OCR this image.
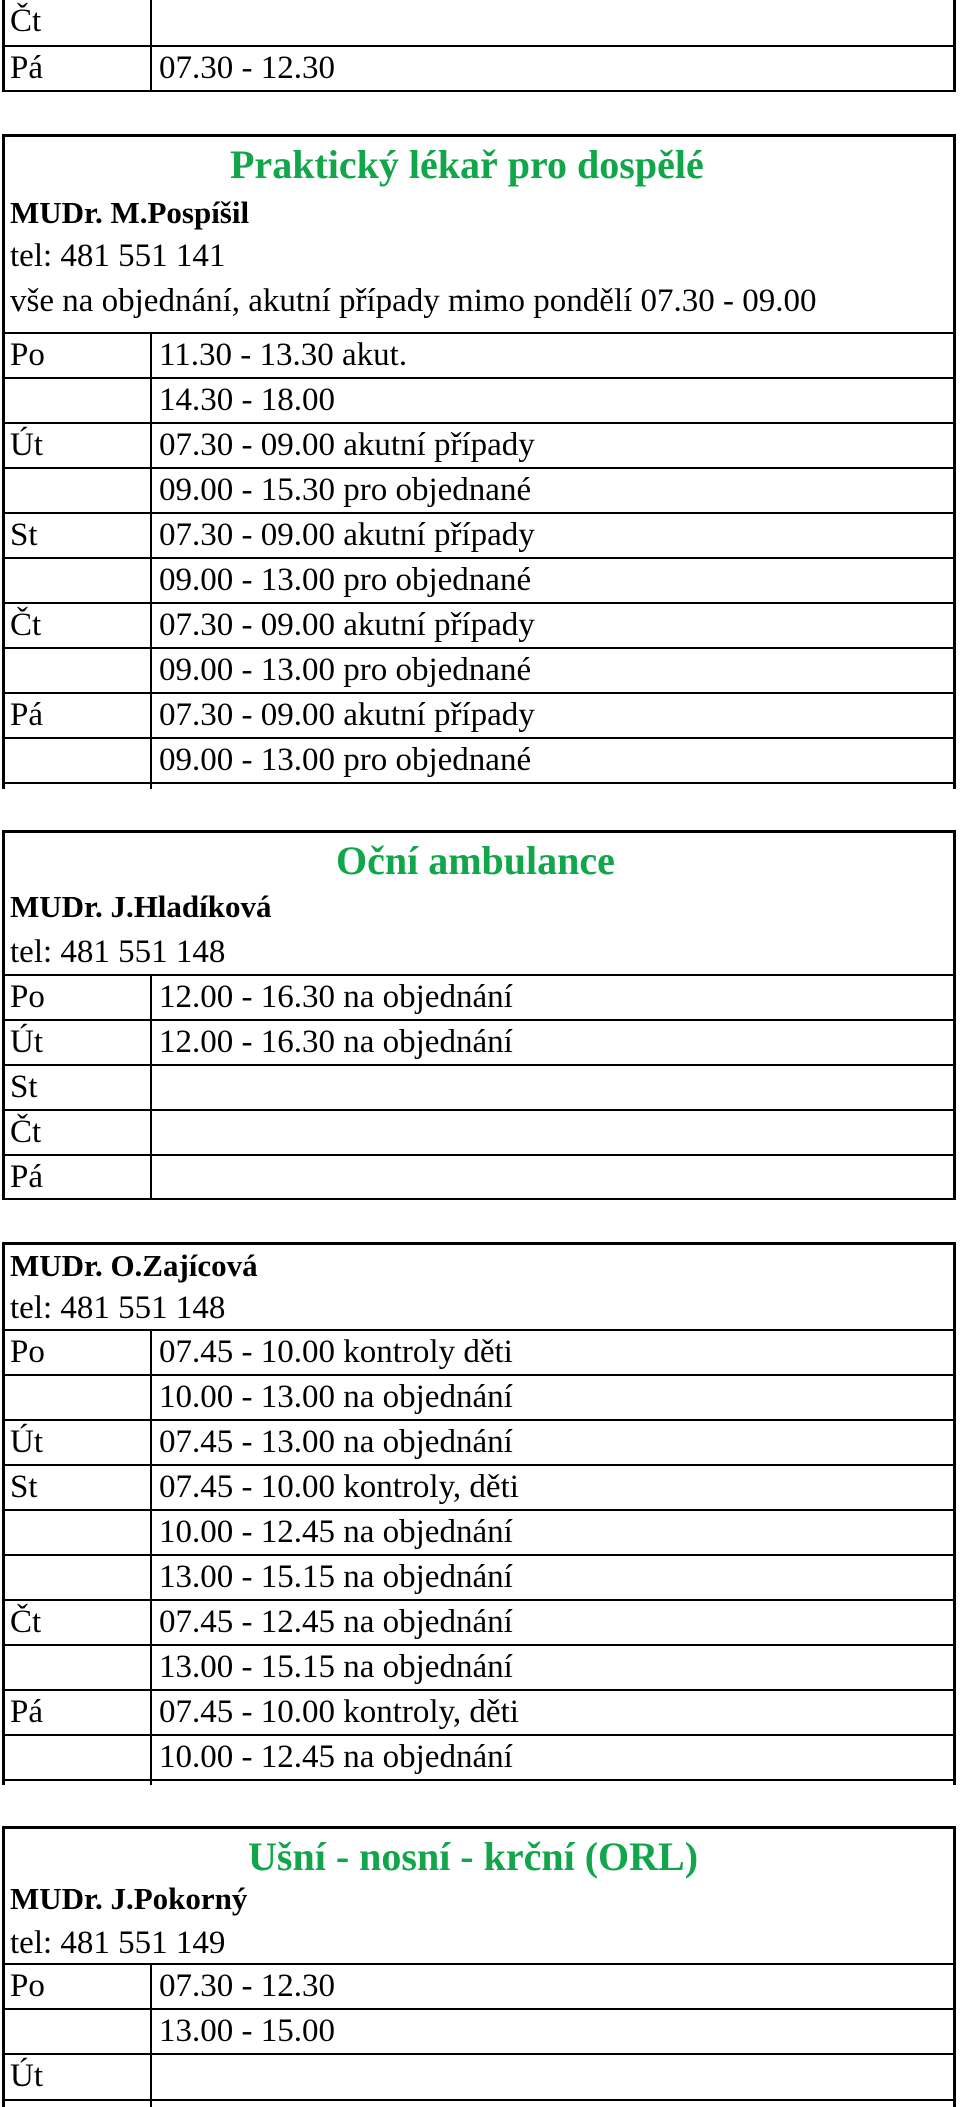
Čt
Pá	07.30 - 12.30
Praktický lékař pro dospělé
MUDr. M.Pospíšil
tel: 481 551 141
vše na objednání, akutní případy mimo pondělí 07.30 - 09.00
Po	11.30 - 13.30 akut.
14.30 - 18.00
Út	07.30 - 09.00 akutní případy
09.00 - 15.30 pro objednané
St	07.30 - 09.00 akutní případy
09.00 - 13.00 pro objednané
Čt	07.30 - 09.00 akutní případy
09.00 - 13.00 pro objednané
Pá	07.30 - 09.00 akutní případy
09.00 - 13.00 pro objednané
Oční ambulance
MUDr. J.Hladíková
tel: 481 551 148
Po	12.00 - 16.30 na objednání
Út	12.00 - 16.30 na objednání
St
Čt
Pá
MUDr. O.Zajícová
tel: 481 551 148
Po	07.45 - 10.00 kontroly děti
10.00 - 13.00 na objednání
Út	07.45 - 13.00 na objednání
St	07.45 - 10.00 kontroly, děti
10.00 - 12.45 na objednání
13.00 - 15.15 na objednání
Čt	07.45 - 12.45 na objednání
13.00 - 15.15 na objednání
Pá	07.45 - 10.00 kontroly, děti
10.00 - 12.45 na objednání
Ušní - nosní - krční (ORL)
MUDr. J.Pokorný
tel: 481 551 149
Po	07.30 - 12.30
13.00 - 15.00
Út
